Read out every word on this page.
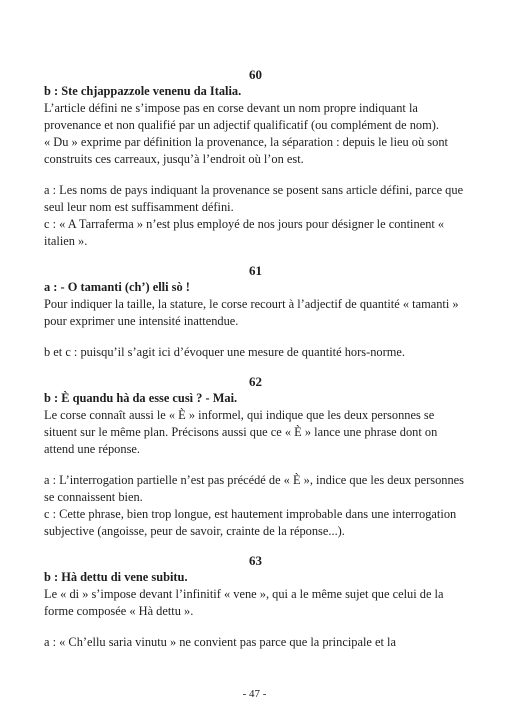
60

b : Ste chjappazzole venenu da Italia.

L’article défini ne s’impose pas en corse devant un nom propre indiquant la provenance et non qualifié par un adjectif qualificatif (ou complément de nom).

« Du » exprime par définition la provenance, la séparation : depuis le lieu où sont construits ces carreaux, jusqu’à l’endroit où l’on est.

a : Les noms de pays indiquant la provenance se posent sans article défini, parce que seul leur nom est suffisamment défini.

c : « A Tarraferma » n’est plus employé de nos jours pour désigner le continent « italien ».

61

a : - O tamanti (ch’) elli sò !

Pour indiquer la taille, la stature, le corse recourt à l’adjectif de quantité « tamanti » pour exprimer une intensité inattendue.

b et c : puisqu’il s’agit ici d’évoquer une mesure de quantité hors-norme.

62

b : È quandu hà da esse cusì ? - Mai.

Le corse connaît aussi le « È » informel, qui indique que les deux personnes se situent sur le même plan. Précisons aussi que ce « È » lance une phrase dont on attend une réponse.

a : L’interrogation partielle n’est pas précédé de « È », indice que les deux personnes se connaissent bien.

c : Cette phrase, bien trop longue, est hautement improbable dans une interrogation subjective (angoisse, peur de savoir, crainte de la réponse...).

63

b : Hà dettu di vene subitu.

Le « di » s’impose devant l’infinitif « vene », qui a le même sujet que celui de la forme composée « Hà dettu ».

a : « Ch’ellu saria vinutu » ne convient pas parce que la principale et la

- 47 -
